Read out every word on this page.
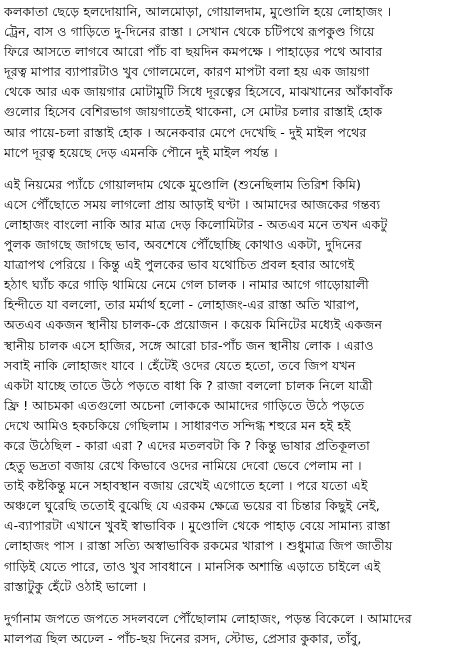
কলকাতা ছেড়ে হলদোয়ানি, আলমোড়া, গোয়ালদাম, মুণ্ডোলি হয়ে লোহাজং ।
ট্রেন, বাস ও গাড়িতে দু-দিনের রাস্তা । সেখান থেকে চটিপথে রূপকুণ্ড গিয়ে
ফিরে আসতে লাগবে আরো পাঁচ বা ছয়দিন কমপক্ষে । পাহাড়ের পথে আবার
দূরত্ব মাপার ব্যাপারটাও খুব গোলমেলে, কারণ মাপটা বলা হয় এক জায়গা
থেকে আর এক জায়গার মোটামুটি সিধে দূরত্বের হিসেবে, মাঝখানের আঁকাবাঁক
গুলোর হিসেব বেশিরভাগ জায়গাতেই থাকেনা, সে মোটর চলার রাস্তাই হোক
আর পায়ে-চলা রাস্তাই হোক । অনেকবার মেপে দেখেছি - দুই মাইল পথের
মাপে দূরত্ব হয়েছে দেড় এমনকি পৌনে দুই মাইল পর্যন্ত ।
এই নিয়মের প্যাঁচে গোয়ালদাম থেকে মুণ্ডোলি (শুনেছিলাম তিরিশ কিমি)
এসে পৌঁছোতে সময় লাগলো প্রায় আড়াই ঘণ্টা । আমাদের আজকের গন্তব্য
লোহাজং বাংলো নাকি আর মাত্র দেড় কিলোমিটার - অতএব মনে তখন একটু
পুলক জাগছে জাগছে ভাব, অবশেষে পৌঁছোচ্ছি কোথাও একটা, দুদিনের
যাত্রাপথ পেরিয়ে । কিন্তু এই পুলকের ভাব যথোচিত প্রবল হবার আগেই
হঠাৎ ঘ্যাঁচ করে গাড়ি থামিয়ে নেমে গেল চালক । নামার আগে গাড়োয়ালী
হিন্দীতে যা বললো, তার মর্মার্থ হলো - লোহাজং-এর রাস্তা অতি খারাপ,
অতএব একজন স্থানীয় চালক-কে প্রয়োজন । কয়েক মিনিটের মধ্যেই একজন
স্থানীয় চালক এসে হাজির, সঙ্গে আরো চার-পাঁচ জন স্থানীয় লোক । এরাও
সবাই নাকি লোহাজং যাবে । হেঁটেই ওদের যেতে হতো, তবে জিপ যখন
একটা যাচ্ছে তাতে উঠে পড়তে বাধা কি ? রাজা বললো চালক নিলে যাত্রী
ফ্রি ! আচমকা এতগুলো অচেনা লোককে আমাদের গাড়িতে উঠে পড়তে
দেখে আমিও হকচকিয়ে গেছিলাম । সাধারণত সন্দিগ্ধ শহুরে মন হই হই
করে উঠেছিল - কারা এরা ? এদের মতলবটা কি ? কিন্তু ভাষার প্রতিকূলতা
হেতু ভদ্রতা বজায় রেখে কিভাবে ওদের নামিয়ে দেবো ভেবে পেলাম না ।
তাই কষ্টকিন্তু মনে সহাবস্থান বজায় রেখেই এগোতে হলো । পরে যতো এই
অঞ্চলে ঘুরেছি ততোই বুঝেছি যে এরকম ক্ষেত্রে ভয়ের বা চিন্তার কিছুই নেই,
এ-ব্যাপারটা এখানে খুবই স্বাভাবিক । মুণ্ডোলি থেকে পাহাড় বেয়ে সামান্য রাস্তা
লোহাজং পাস । রাস্তা সত্যি অস্বাভাবিক রকমের খারাপ । শুধুমাত্র জিপ জাতীয়
গাড়িই যেতে পারে, তাও খুব সাবধানে । মানসিক অশান্তি এড়াতে চাইলে এই
রাস্তাটুকু হেঁটে ওঠাই ভালো ।
দুর্গানাম জপতে জপতে সদলবলে পৌঁছোলাম লোহাজং, পড়ন্ত বিকেলে । আমাদের
মালপত্র ছিল অঢেল - পাঁচ-ছয় দিনের রসদ, স্টোভ, প্রেসার কুকার, তাঁবু,
